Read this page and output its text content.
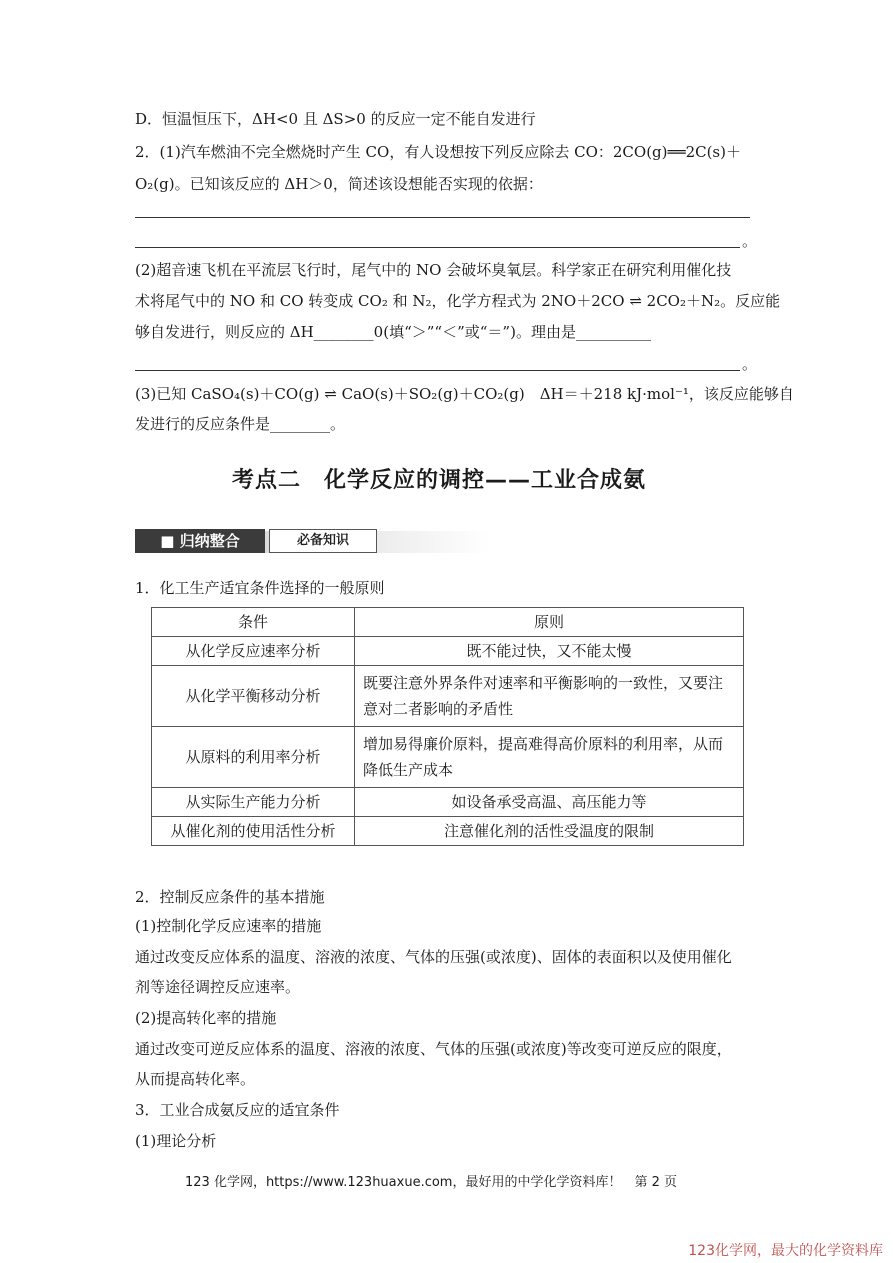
D．恒温恒压下，ΔH<0 且 ΔS>0 的反应一定不能自发进行
2．(1)汽车燃油不完全燃烧时产生 CO，有人设想按下列反应除去 CO：2CO(g)══2C(s)＋
O₂(g)。已知该反应的 ΔH＞0，简述该设想能否实现的依据：
。
(2)超音速飞机在平流层飞行时，尾气中的 NO 会破坏臭氧层。科学家正在研究利用催化技
术将尾气中的 NO 和 CO 转变成 CO₂ 和 N₂，化学方程式为 2NO＋2CO ⇌ 2CO₂＋N₂。反应能
够自发进行，则反应的 ΔH________0(填“＞”“＜”或“＝”)。理由是__________
。
(3)已知 CaSO₄(s)＋CO(g) ⇌ CaO(s)＋SO₂(g)＋CO₂(g)　ΔH＝＋218 kJ·mol⁻¹，该反应能够自
发进行的反应条件是________。
考点二　化学反应的调控——工业合成氨
■ 归纳整合	必备知识
1．化工生产适宜条件选择的一般原则
条件	原则
从化学反应速率分析	既不能过快，又不能太慢
从化学平衡移动分析	既要注意外界条件对速率和平衡影响的一致性，又要注意对二者影响的矛盾性
从原料的利用率分析	增加易得廉价原料，提高难得高价原料的利用率，从而降低生产成本
从实际生产能力分析	如设备承受高温、高压能力等
从催化剂的使用活性分析	注意催化剂的活性受温度的限制
2．控制反应条件的基本措施
(1)控制化学反应速率的措施
通过改变反应体系的温度、溶液的浓度、气体的压强(或浓度)、固体的表面积以及使用催化
剂等途径调控反应速率。
(2)提高转化率的措施
通过改变可逆反应体系的温度、溶液的浓度、气体的压强(或浓度)等改变可逆反应的限度，
从而提高转化率。
3．工业合成氨反应的适宜条件
(1)理论分析
123 化学网，https://www.123huaxue.com，最好用的中学化学资料库！　第 2 页
123化学网，最大的化学资料库
